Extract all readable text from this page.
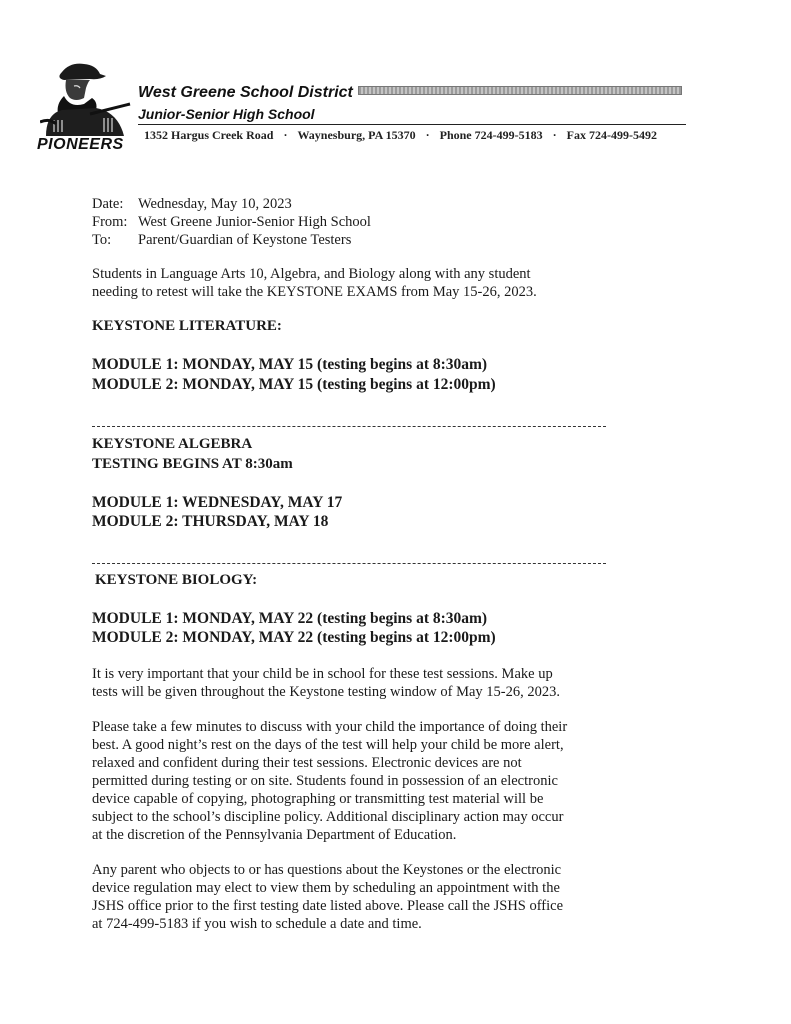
PIONEERS
West Greene School District
Junior-Senior High School
1352 Hargus Creek Road · Waynesburg, PA 15370 · Phone 724-499-5183 · Fax 724-499-5492
Date: Wednesday, May 10, 2023
From: West Greene Junior-Senior High School
To: Parent/Guardian of Keystone Testers
Students in Language Arts 10, Algebra, and Biology along with any student
needing to retest will take the KEYSTONE EXAMS from May 15-26, 2023.
KEYSTONE LITERATURE:
MODULE 1: MONDAY, MAY 15 (testing begins at 8:30am)
MODULE 2: MONDAY, MAY 15 (testing begins at 12:00pm)
KEYSTONE ALGEBRA
TESTING BEGINS AT 8:30am
MODULE 1: WEDNESDAY, MAY 17
MODULE 2: THURSDAY, MAY 18
KEYSTONE BIOLOGY:
MODULE 1: MONDAY, MAY 22 (testing begins at 8:30am)
MODULE 2: MONDAY, MAY 22 (testing begins at 12:00pm)
It is very important that your child be in school for these test sessions. Make up
tests will be given throughout the Keystone testing window of May 15-26, 2023.
Please take a few minutes to discuss with your child the importance of doing their
best. A good night’s rest on the days of the test will help your child be more alert,
relaxed and confident during their test sessions. Electronic devices are not
permitted during testing or on site. Students found in possession of an electronic
device capable of copying, photographing or transmitting test material will be
subject to the school’s discipline policy. Additional disciplinary action may occur
at the discretion of the Pennsylvania Department of Education.
Any parent who objects to or has questions about the Keystones or the electronic
device regulation may elect to view them by scheduling an appointment with the
JSHS office prior to the first testing date listed above. Please call the JSHS office
at 724-499-5183 if you wish to schedule a date and time.
